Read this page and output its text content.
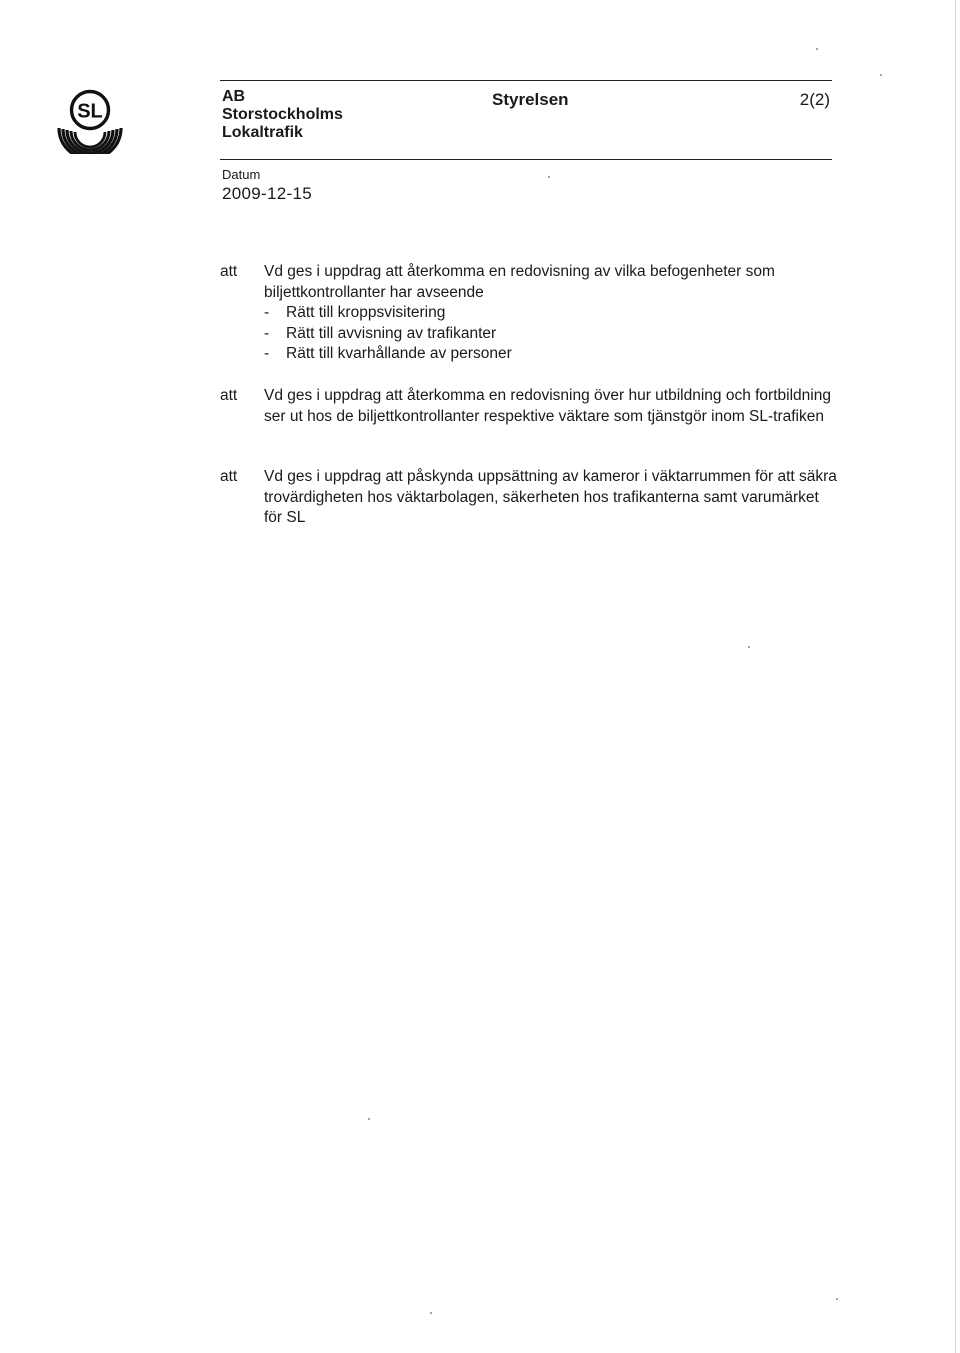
SL
AB
Storstockholms
Lokaltrafik
Styrelsen	2(2)
Datum
2009-12-15
att Vd ges i uppdrag att återkomma en redovisning av vilka befogenheter som biljettkontrollanter har avseende
- Rätt till kroppsvisitering
- Rätt till avvisning av trafikanter
- Rätt till kvarhållande av personer
att Vd ges i uppdrag att återkomma en redovisning över hur utbildning och fortbildning ser ut hos de biljettkontrollanter respektive väktare som tjänstgör inom SL-trafiken
att Vd ges i uppdrag att påskynda uppsättning av kameror i väktarrummen för att säkra trovärdigheten hos väktarbolagen, säkerheten hos trafikanterna samt varumärket för SL
